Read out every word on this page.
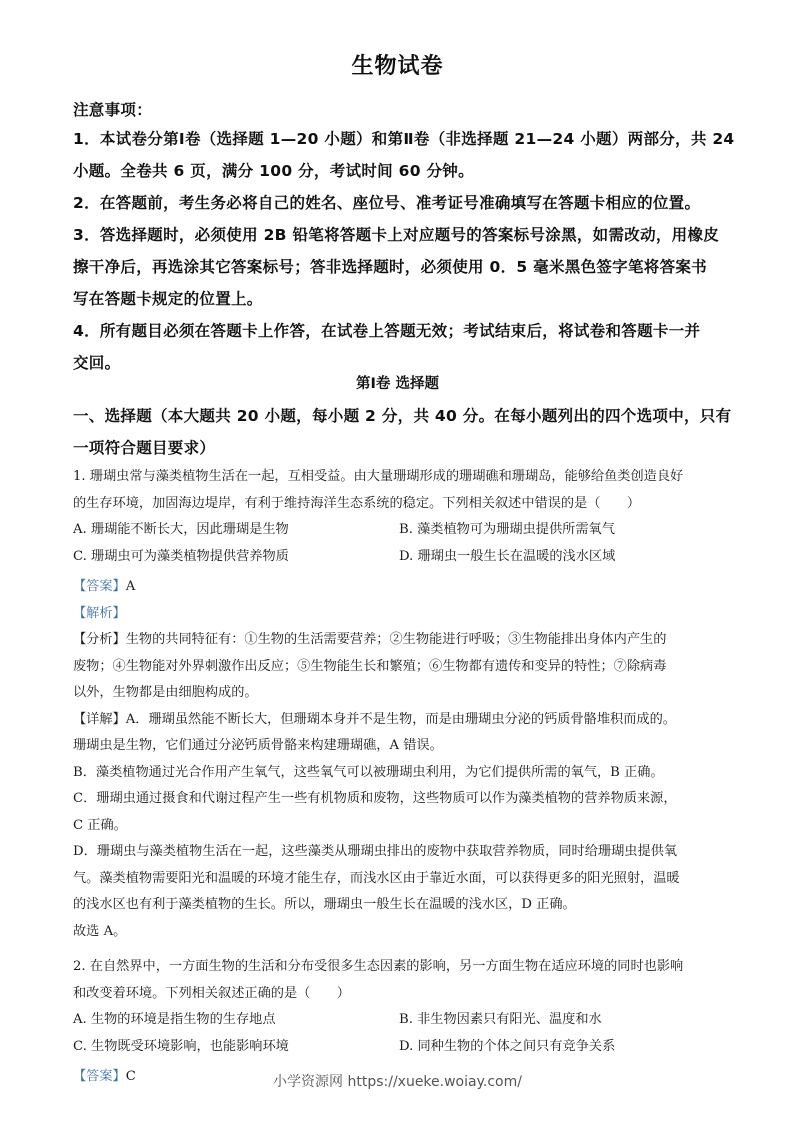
生物试卷
注意事项：
1．本试卷分第Ⅰ卷（选择题 1—20 小题）和第Ⅱ卷（非选择题 21—24 小题）两部分，共 24
小题。全卷共 6 页，满分 100 分，考试时间 60 分钟。
2．在答题前，考生务必将自己的姓名、座位号、准考证号准确填写在答题卡相应的位置。
3．答选择题时，必须使用 2B 铅笔将答题卡上对应题号的答案标号涂黑，如需改动，用橡皮
擦干净后，再选涂其它答案标号；答非选择题时，必须使用 0．5 毫米黑色签字笔将答案书
写在答题卡规定的位置上。
4．所有题目必须在答题卡上作答，在试卷上答题无效；考试结束后，将试卷和答题卡一并
交回。
第Ⅰ卷 选择题
一、选择题（本大题共 20 小题，每小题 2 分，共 40 分。在每小题列出的四个选项中，只有
一项符合题目要求）
1. 珊瑚虫常与藻类植物生活在一起，互相受益。由大量珊瑚形成的珊瑚礁和珊瑚岛，能够给鱼类创造良好
的生存环境，加固海边堤岸，有利于维持海洋生态系统的稳定。下列相关叙述中错误的是（　　）
A. 珊瑚能不断长大，因此珊瑚是生物	B. 藻类植物可为珊瑚虫提供所需氧气
C. 珊瑚虫可为藻类植物提供营养物质	D. 珊瑚虫一般生长在温暖的浅水区域
【答案】A
【解析】
【分析】生物的共同特征有：①生物的生活需要营养；②生物能进行呼吸；③生物能排出身体内产生的
废物；④生物能对外界刺激作出反应；⑤生物能生长和繁殖；⑥生物都有遗传和变异的特性；⑦除病毒
以外，生物都是由细胞构成的。
【详解】A．珊瑚虽然能不断长大，但珊瑚本身并不是生物，而是由珊瑚虫分泌的钙质骨骼堆积而成的。
珊瑚虫是生物，它们通过分泌钙质骨骼来构建珊瑚礁，A 错误。
B．藻类植物通过光合作用产生氧气，这些氧气可以被珊瑚虫利用，为它们提供所需的氧气，B 正确。
C．珊瑚虫通过摄食和代谢过程产生一些有机物质和废物，这些物质可以作为藻类植物的营养物质来源，
C 正确。
D．珊瑚虫与藻类植物生活在一起，这些藻类从珊瑚虫排出的废物中获取营养物质，同时给珊瑚虫提供氧
气。藻类植物需要阳光和温暖的环境才能生存，而浅水区由于靠近水面，可以获得更多的阳光照射，温暖
的浅水区也有利于藻类植物的生长。所以，珊瑚虫一般生长在温暖的浅水区，D 正确。
故选 A。
2. 在自然界中，一方面生物的生活和分布受很多生态因素的影响，另一方面生物在适应环境的同时也影响
和改变着环境。下列相关叙述正确的是（　　）
A. 生物的环境是指生物的生存地点	B. 非生物因素只有阳光、温度和水
C. 生物既受环境影响，也能影响环境	D. 同种生物的个体之间只有竞争关系
【答案】C	小学资源网 https://xueke.woiay.com/
